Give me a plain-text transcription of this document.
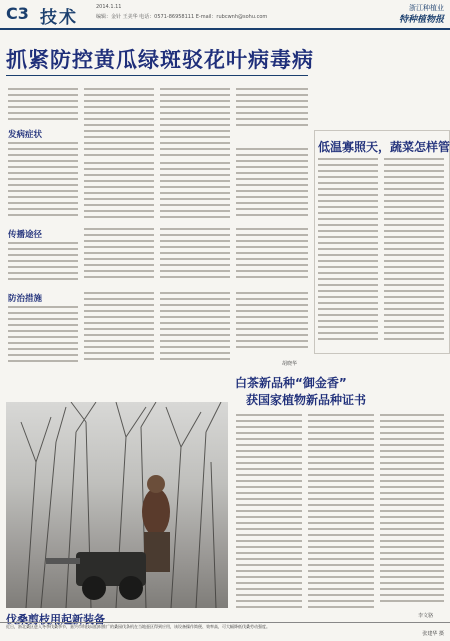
C3 技术
2014.1.11
编辑：金针 王美华 电话：0571-86958111 E-mail：rubcwnh@sohu.com
浙江种植业
特种植物报
抓紧防控黄瓜绿斑驳花叶病毒病
发病症状
传播途径
防治措施
胡晓华
低温寡照天，蔬菜怎样管
白茶新品种“御金香”
获国家植物新品种证书
李文骆
伐桑剪枝用起新装备
近日，浙北桑区进入冬季伐桑季节，嘉兴市科技局组织推广的桑园伐条机在当地蚕区得到应用，该设备操作简便、效率高，可大幅降低伐桑劳动强度。
张建华 摄
